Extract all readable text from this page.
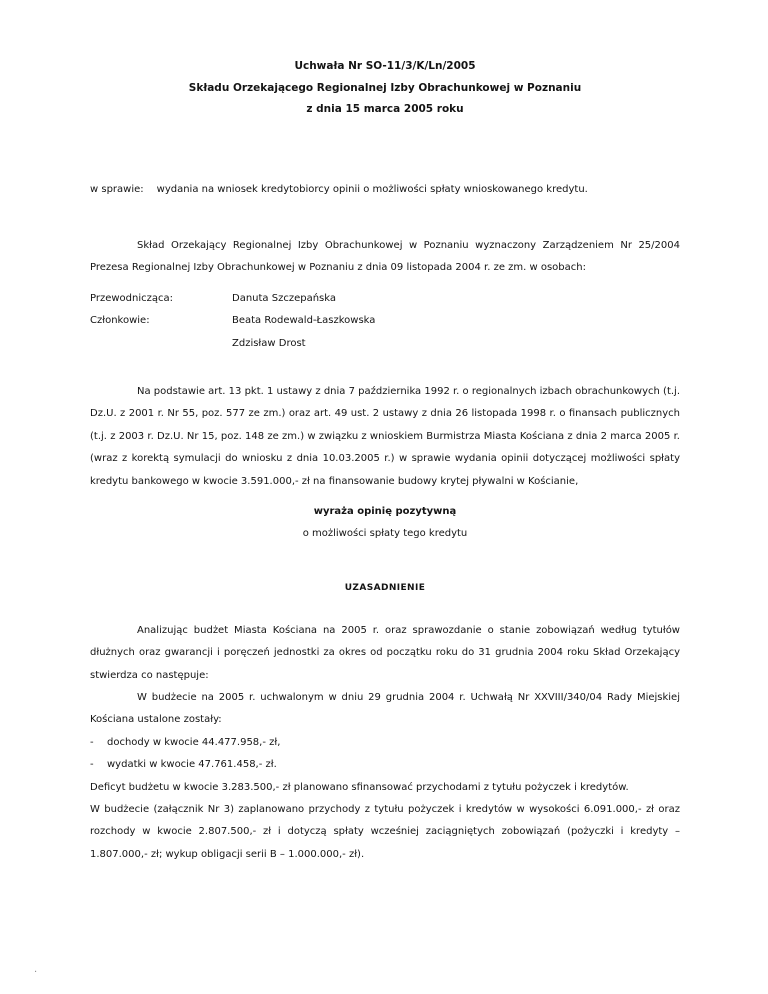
Uchwała Nr SO-11/3/K/Ln/2005
Składu Orzekającego Regionalnej Izby Obrachunkowej w Poznaniu
z dnia 15 marca 2005 roku
w sprawie: wydania na wniosek kredytobiorcy opinii o możliwości spłaty wnioskowanego kredytu.

Skład Orzekający Regionalnej Izby Obrachunkowej w Poznaniu wyznaczony Zarządzeniem Nr 25/2004 Prezesa Regionalnej Izby Obrachunkowej w Poznaniu z dnia 09 listopada 2004 r. ze zm. w osobach:

Przewodnicząca:	Danuta Szczepańska
Członkowie:	Beata Rodewald-Łaszkowska
Zdzisław Drost

Na podstawie art. 13 pkt. 1 ustawy z dnia 7 października 1992 r. o regionalnych izbach obrachunkowych (t.j. Dz.U. z 2001 r. Nr 55, poz. 577 ze zm.) oraz art. 49 ust. 2 ustawy z dnia 26 listopada 1998 r. o finansach publicznych (t.j. z 2003 r. Dz.U. Nr 15, poz. 148 ze zm.) w związku z wnioskiem Burmistrza Miasta Kościana z dnia 2 marca 2005 r. (wraz z korektą symulacji do wniosku z dnia 10.03.2005 r.) w sprawie wydania opinii dotyczącej możliwości spłaty kredytu bankowego w kwocie 3.591.000,- zł na finansowanie budowy krytej pływalni w Kościanie,

wyraża opinię pozytywną
o możliwości spłaty tego kredytu
UZASADNIENIE

Analizując budżet Miasta Kościana na 2005 r. oraz sprawozdanie o stanie zobowiązań według tytułów dłużnych oraz gwarancji i poręczeń jednostki za okres od początku roku do 31 grudnia 2004 roku Skład Orzekający stwierdza co następuje:

W budżecie na 2005 r. uchwalonym w dniu 29 grudnia 2004 r. Uchwałą Nr XXVIII/340/04 Rady Miejskiej Kościana ustalone zostały:

-	dochody w kwocie 44.477.958,- zł,
-	wydatki w kwocie 47.761.458,- zł.

Deficyt budżetu w kwocie 3.283.500,- zł planowano sfinansować przychodami z tytułu pożyczek i kredytów.

W budżecie (załącznik Nr 3) zaplanowano przychody z tytułu pożyczek i kredytów w wysokości 6.091.000,- zł oraz rozchody w kwocie 2.807.500,- zł i dotyczą spłaty wcześniej zaciągniętych zobowiązań (pożyczki i kredyty – 1.807.000,- zł; wykup obligacji serii B – 1.000.000,- zł).

.
